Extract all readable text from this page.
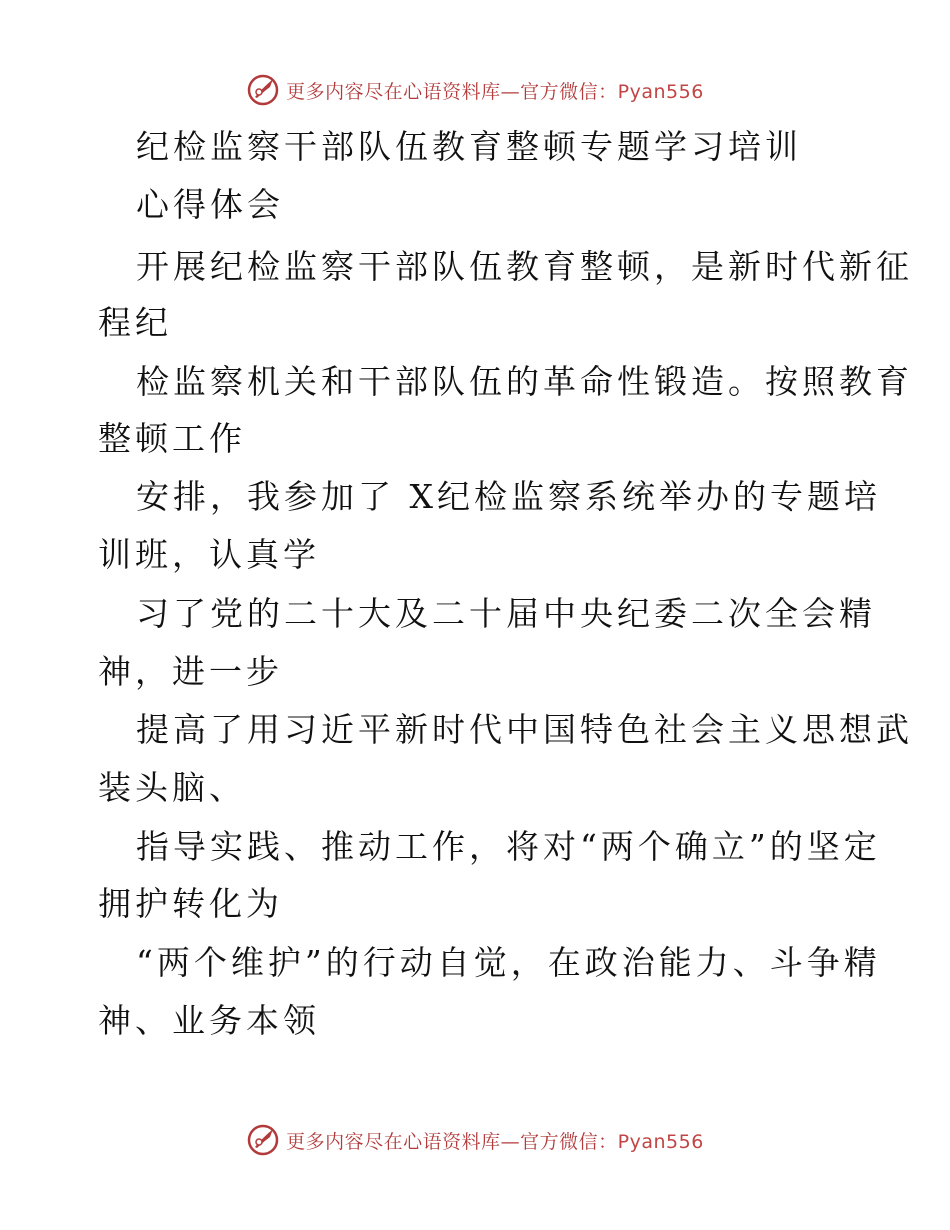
更多内容尽在心语资料库—官方微信：Pyan556
纪检监察干部队伍教育整顿专题学习培训
心得体会
开展纪检监察干部队伍教育整顿，是新时代新征
程纪
检监察机关和干部队伍的革命性锻造。按照教育
整顿工作
安排，我参加了 X纪检监察系统举办的专题培
训班，认真学
习了党的二十大及二十届中央纪委二次全会精
神，进一步
提高了用习近平新时代中国特色社会主义思想武
装头脑、
指导实践、推动工作，将对“两个确立”的坚定
拥护转化为
“两个维护”的行动自觉，在政治能力、斗争精
神、业务本领
更多内容尽在心语资料库—官方微信：Pyan556
